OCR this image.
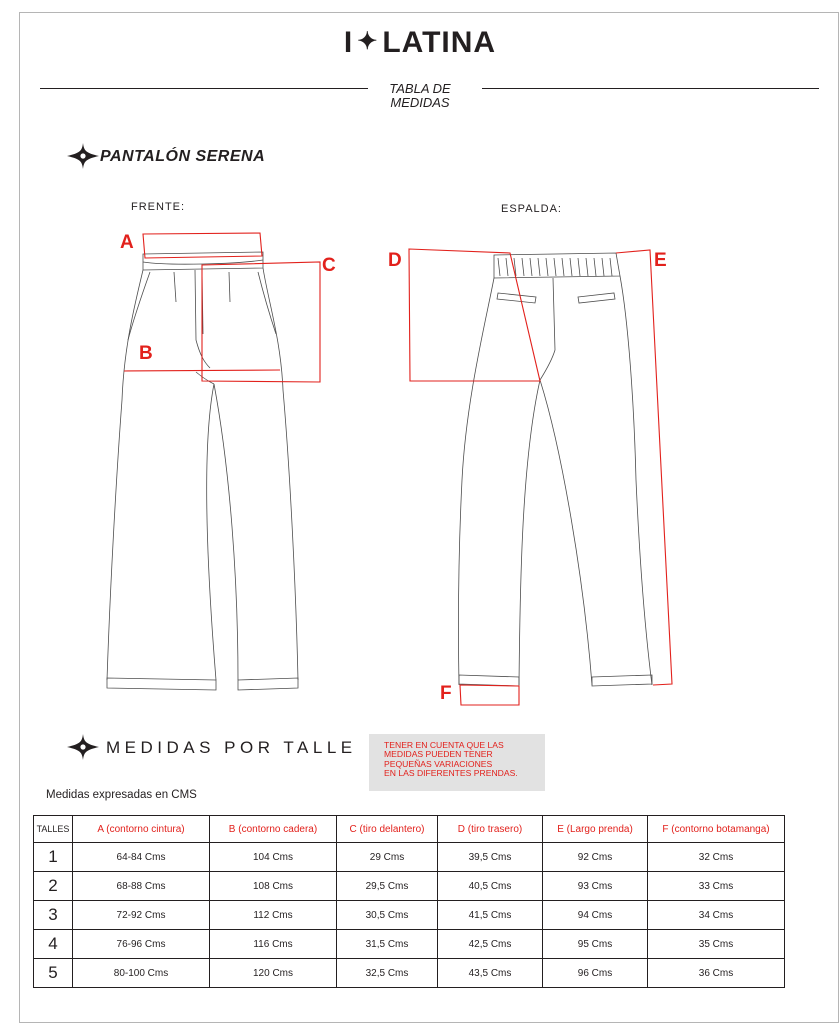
I ✦ LATINA
TABLA DE
MEDIDAS
PANTALÓN SERENA
FRENTE:	ESPALDA:
A
B
C	D	E
F
MEDIDAS POR TALLE	TENER EN CUENTA QUE LAS
MEDIDAS PUEDEN TENER
PEQUEÑAS VARIACIONES
EN LAS DIFERENTES PRENDAS.
Medidas expresadas en CMS
TALLES	A (contorno cintura)	B (contorno cadera)	C (tiro delantero)	D (tiro trasero)	E (Largo prenda)	F (contorno botamanga)
1	64-84 Cms	104 Cms	29 Cms	39,5 Cms	92 Cms	32 Cms
2	68-88 Cms	108 Cms	29,5 Cms	40,5 Cms	93 Cms	33 Cms
3	72-92 Cms	112 Cms	30,5 Cms	41,5 Cms	94 Cms	34 Cms
4	76-96 Cms	116 Cms	31,5 Cms	42,5 Cms	95 Cms	35 Cms
5	80-100 Cms	120 Cms	32,5 Cms	43,5 Cms	96 Cms	36 Cms
